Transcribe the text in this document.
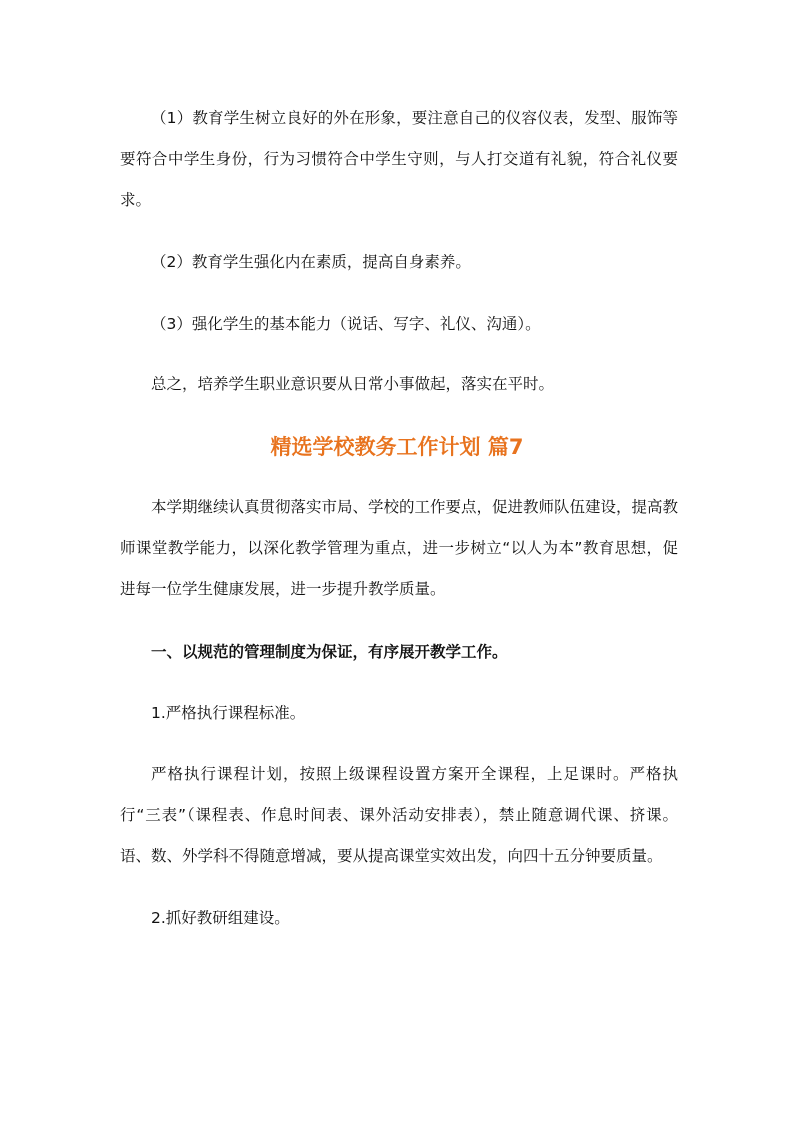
（1）教育学生树立良好的外在形象，要注意自己的仪容仪表，发型、服饰等要符合中学生身份，行为习惯符合中学生守则，与人打交道有礼貌，符合礼仪要求。

（2）教育学生强化内在素质，提高自身素养。

（3）强化学生的基本能力（说话、写字、礼仪、沟通）。

总之，培养学生职业意识要从日常小事做起，落实在平时。

精选学校教务工作计划 篇7

本学期继续认真贯彻落实市局、学校的工作要点，促进教师队伍建设，提高教师课堂教学能力，以深化教学管理为重点，进一步树立“以人为本”教育思想，促进每一位学生健康发展，进一步提升教学质量。

一、以规范的管理制度为保证，有序展开教学工作。

1.严格执行课程标准。

严格执行课程计划，按照上级课程设置方案开全课程，上足课时。严格执行“三表”（课程表、作息时间表、课外活动安排表），禁止随意调代课、挤课。语、数、外学科不得随意增减，要从提高课堂实效出发，向四十五分钟要质量。

2.抓好教研组建设。
